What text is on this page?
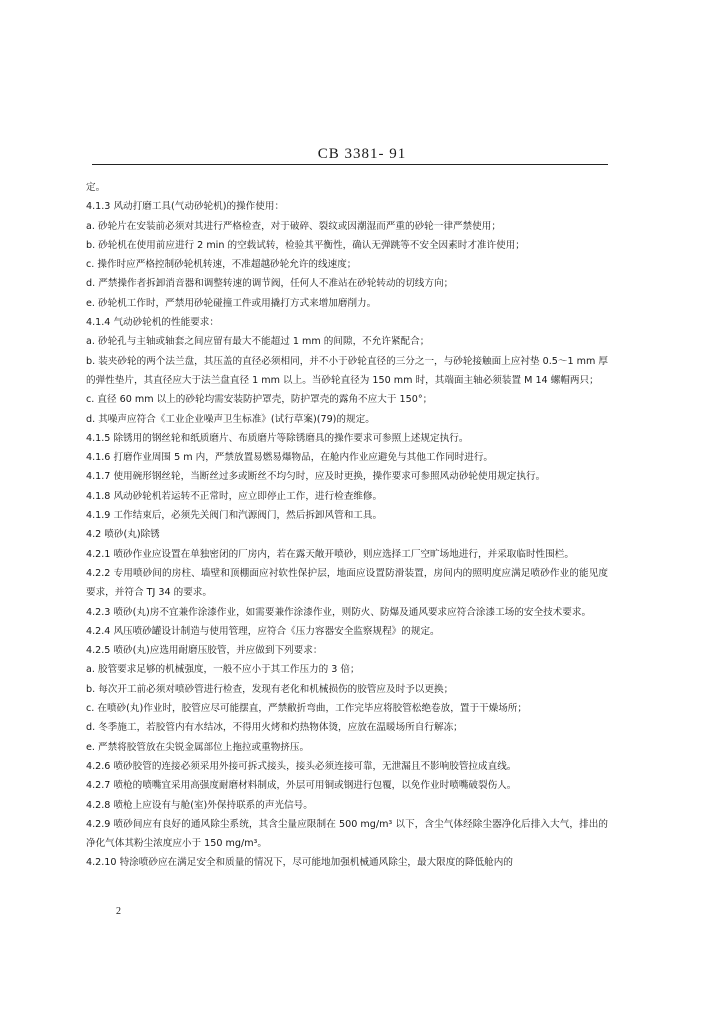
CB 3381- 91

定。

4.1.3 风动打磨工具(气动砂轮机)的操作使用：

a. 砂轮片在安装前必须对其进行严格检查，对于破碎、裂纹或因潮湿而严重的砂轮一律严禁使用；

b. 砂轮机在使用前应进行 2 min 的空载试转，检验其平衡性，确认无弹跳等不安全因素时才准许使用；

c. 操作时应严格控制砂轮机转速，不准超越砂轮允许的线速度；

d. 严禁操作者拆卸消音器和调整转速的调节阀，任何人不准站在砂轮转动的切线方向；

e. 砂轮机工作时，严禁用砂轮碰撞工件或用撬打方式来增加磨削力。

4.1.4 气动砂轮机的性能要求：

a. 砂轮孔与主轴或轴套之间应留有最大不能超过 1 mm 的间隙，不允许紧配合；

b. 装夹砂轮的两个法兰盘，其压盖的直径必须相同，并不小于砂轮直径的三分之一，与砂轮接触面上应衬垫 0.5～1 mm 厚的弹性垫片，其直径应大于法兰盘直径 1 mm 以上。当砂轮直径为 150 mm 时，其端面主轴必须装置 M 14 螺帽两只；

c. 直径 60 mm 以上的砂轮均需安装防护罩壳，防护罩壳的露角不应大于 150°；

d. 其噪声应符合《工业企业噪声卫生标准》(试行草案)(79)的规定。

4.1.5 除锈用的钢丝轮和纸质磨片、布质磨片等除锈磨具的操作要求可参照上述规定执行。

4.1.6 打磨作业周围 5 m 内，严禁放置易燃易爆物品，在舱内作业应避免与其他工作同时进行。

4.1.7 使用碗形钢丝轮，当断丝过多或断丝不均匀时，应及时更换，操作要求可参照风动砂轮使用规定执行。

4.1.8 风动砂轮机若运转不正常时，应立即停止工作，进行检查维修。

4.1.9 工作结束后，必须先关阀门和汽源阀门，然后拆卸风管和工具。

4.2 喷砂(丸)除锈

4.2.1 喷砂作业应设置在单独密闭的厂房内，若在露天敞开喷砂，则应选择工厂空旷场地进行，并采取临时性围栏。

4.2.2 专用喷砂间的房柱、墙壁和顶棚面应衬软性保护层，地面应设置防滑装置，房间内的照明度应满足喷砂作业的能见度要求，并符合 TJ 34 的要求。

4.2.3 喷砂(丸)房不宜兼作涂漆作业，如需要兼作涂漆作业，则防火、防爆及通风要求应符合涂漆工场的安全技术要求。

4.2.4 风压喷砂罐设计制造与使用管理，应符合《压力容器安全监察规程》的规定。

4.2.5 喷砂(丸)应选用耐磨压胶管，并应做到下列要求：

a. 胶管要求足够的机械强度，一般不应小于其工作压力的 3 倍；

b. 每次开工前必须对喷砂管进行检查，发现有老化和机械损伤的胶管应及时予以更换；

c. 在喷砂(丸)作业时，胶管应尽可能摆直，严禁敝折弯曲，工作完毕应将胶管松绝卷放，置于干燥场所；

d. 冬季施工，若胶管内有水结冰，不得用火烤和灼热物体烫，应放在温暖场所自行解冻；

e. 严禁将胶管放在尖锐金属部位上拖拉或重物挤压。

4.2.6 喷砂胶管的连接必须采用外接可拆式接头，接头必须连接可靠，无泄漏且不影响胶管拉成直线。

4.2.7 喷枪的喷嘴宜采用高强度耐磨材料制成，外层可用铜或钢进行包覆，以免作业时喷嘴破裂伤人。

4.2.8 喷枪上应设有与舱(室)外保持联系的声光信号。

4.2.9 喷砂间应有良好的通风除尘系统，其含尘量应限制在 500 mg/m³ 以下，含尘气体经除尘器净化后排入大气，排出的净化气体其粉尘浓度应小于 150 mg/m³。

4.2.10 特涂喷砂应在满足安全和质量的情况下，尽可能地加强机械通风除尘，最大限度的降低舱内的

2
